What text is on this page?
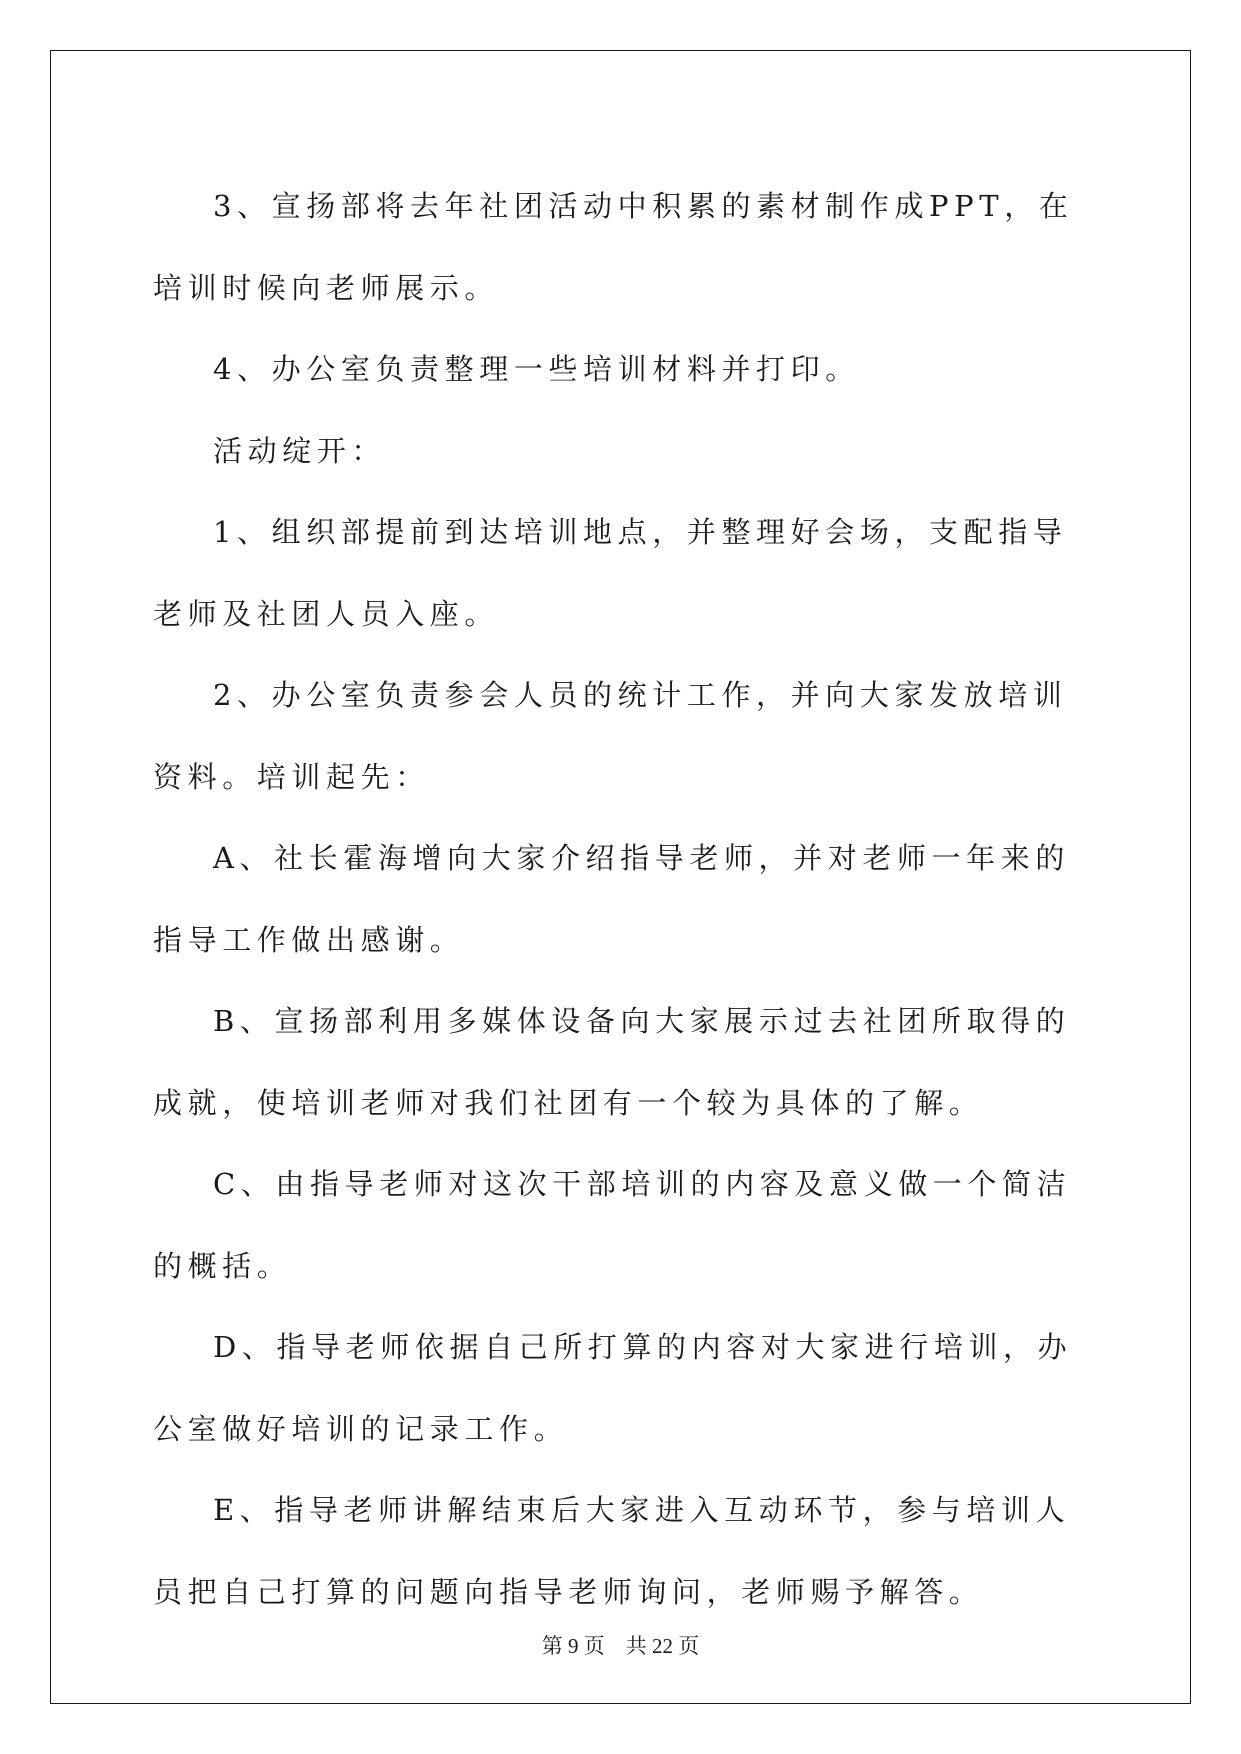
3、宣扬部将去年社团活动中积累的素材制作成PPT，在培训时候向老师展示。

4、办公室负责整理一些培训材料并打印。

活动绽开：

1、组织部提前到达培训地点，并整理好会场，支配指导老师及社团人员入座。

2、办公室负责参会人员的统计工作，并向大家发放培训资料。培训起先：

A、社长霍海增向大家介绍指导老师，并对老师一年来的指导工作做出感谢。

B、宣扬部利用多媒体设备向大家展示过去社团所取得的成就，使培训老师对我们社团有一个较为具体的了解。

C、由指导老师对这次干部培训的内容及意义做一个简洁的概括。

D、指导老师依据自己所打算的内容对大家进行培训，办公室做好培训的记录工作。

E、指导老师讲解结束后大家进入互动环节，参与培训人员把自己打算的问题向指导老师询问，老师赐予解答。

第 9 页 共 22 页
